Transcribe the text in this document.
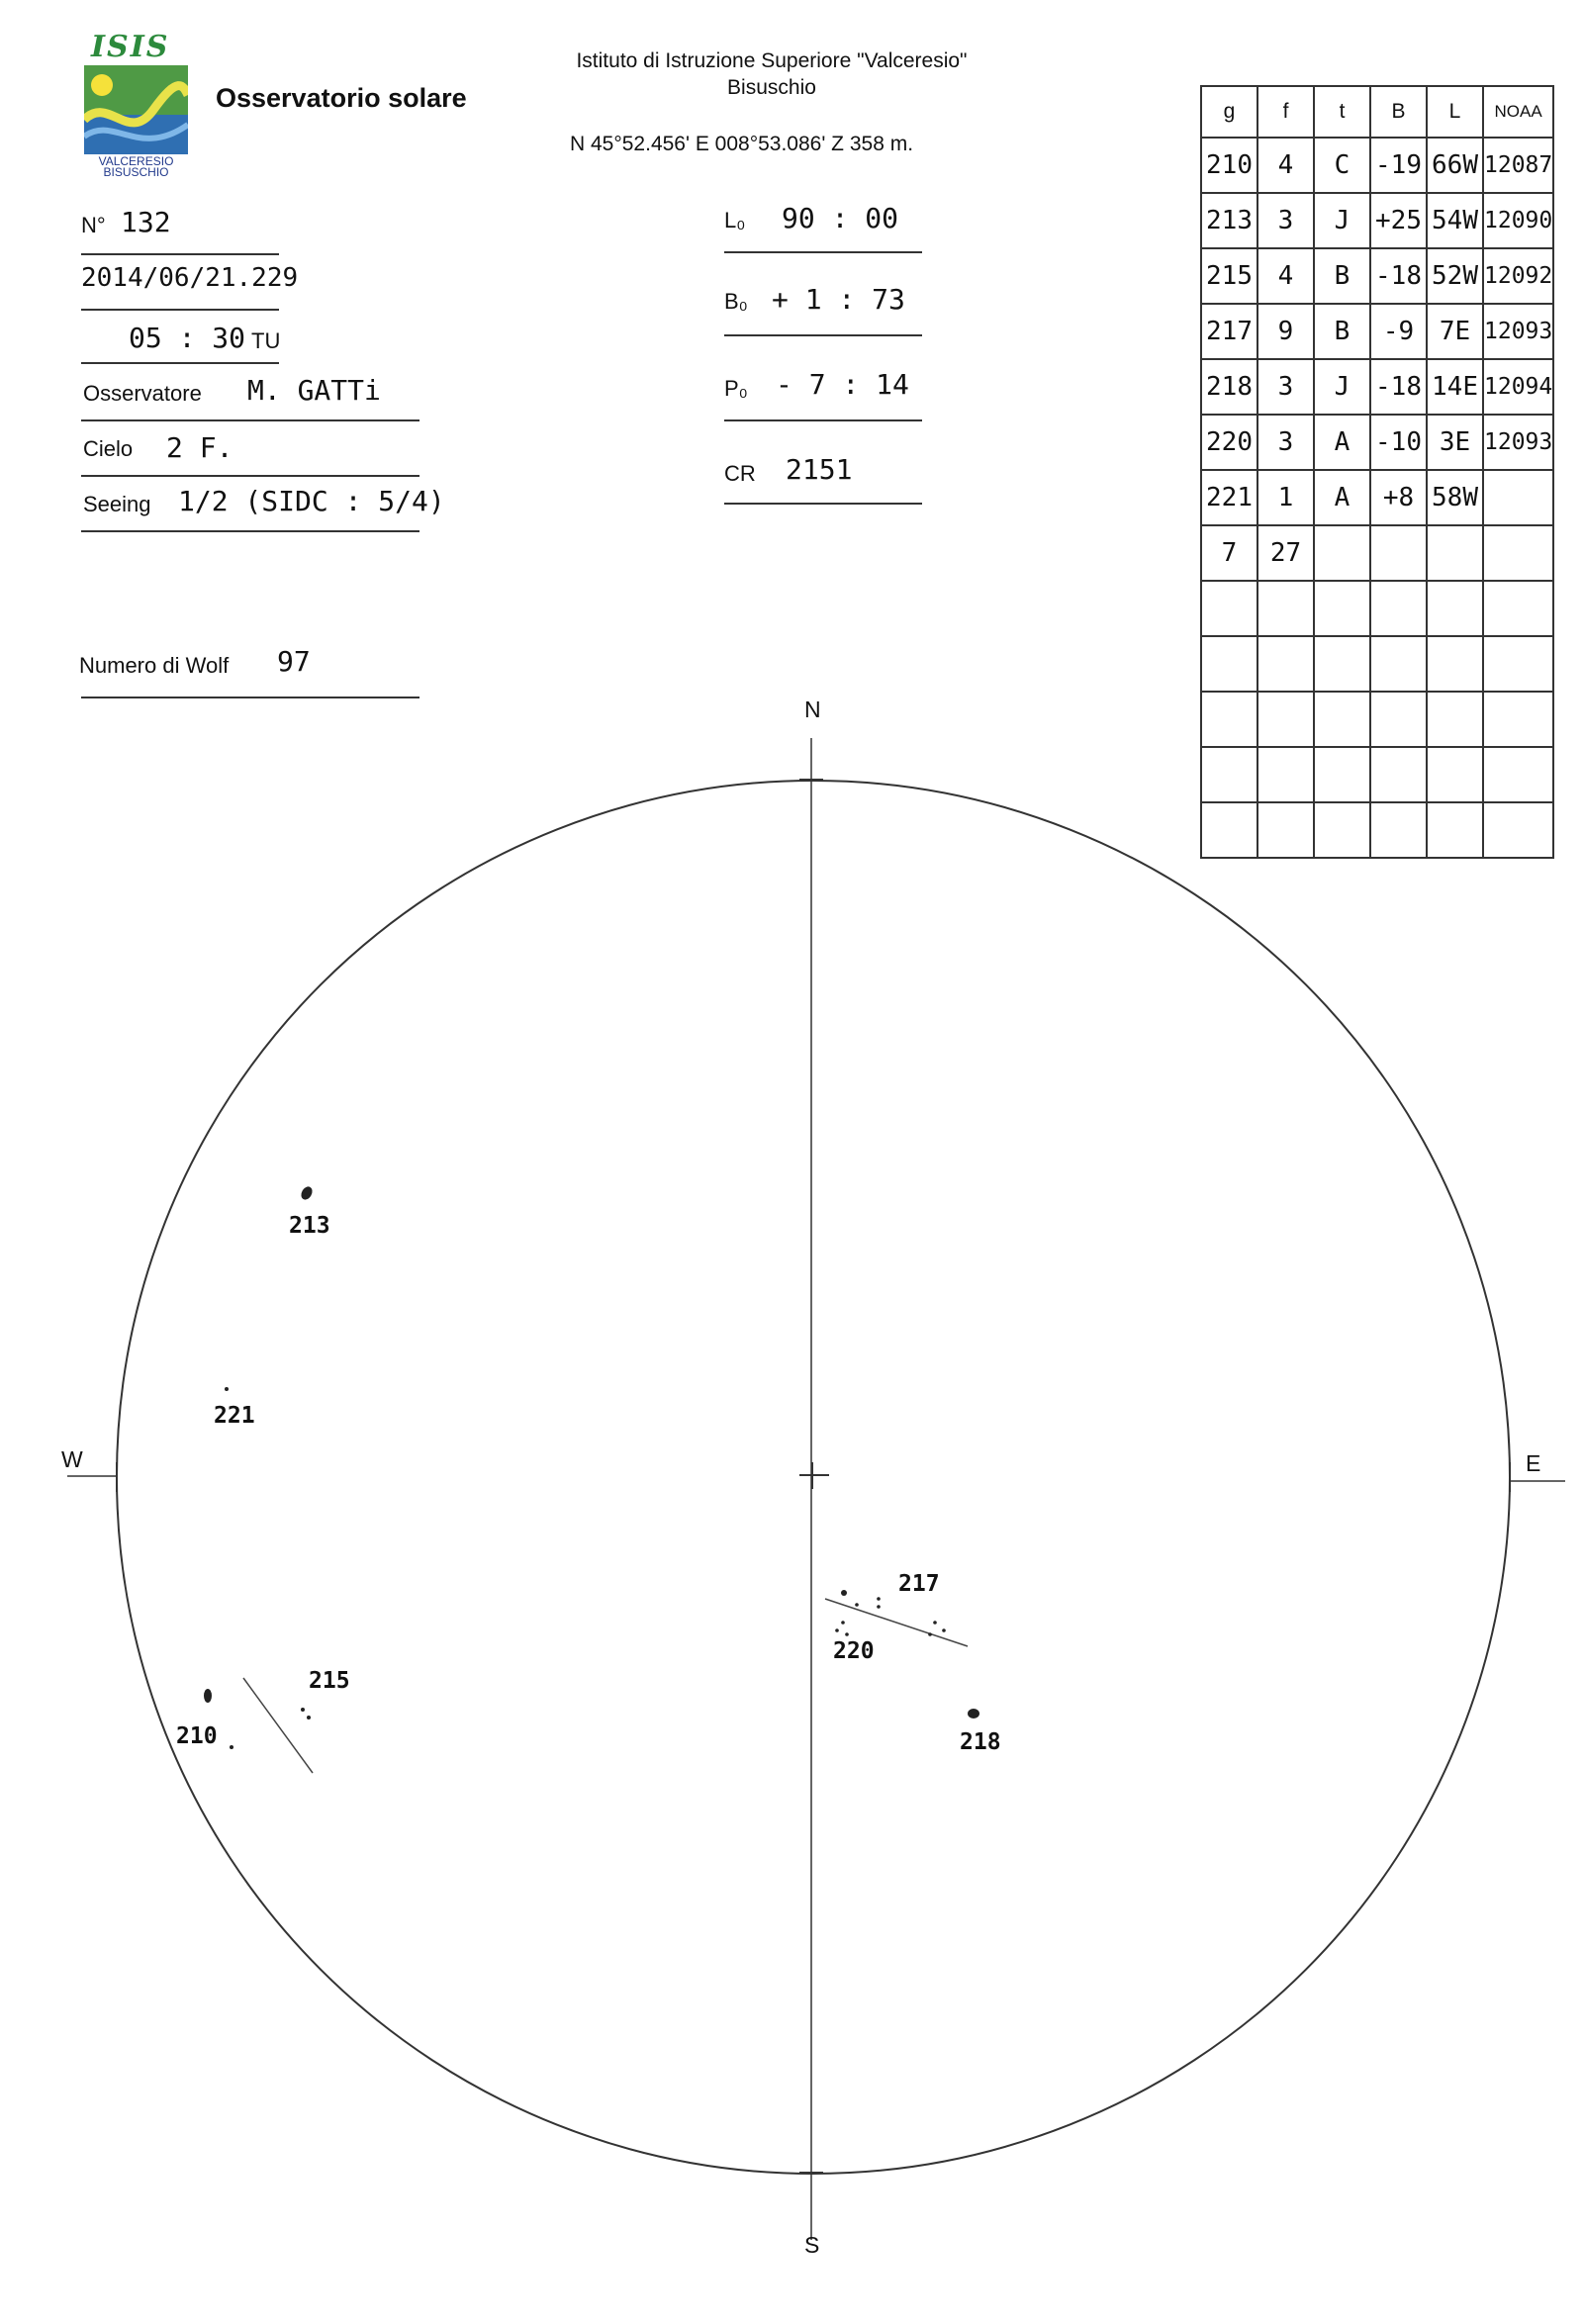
ISIS
VALCERESIO
BISUSCHIO
Osservatorio solare
Istituto di Istruzione Superiore "Valceresio"
Bisuschio
N 45°52.456' E 008°53.086' Z 358 m.
N° 132
2014/06/21.229
05 : 30 TU
Osservatore M. GATTi
Cielo 2 F.
Seeing 1/2 (SIDC : 5/4)
Numero di Wolf 97
L₀ 90 : 00
B₀ + 1 : 73
P₀ - 7 : 14
CR 2151
g	f	t	B	L	NOAA
210	4	C	-19	66W	12087
213	3	J	+25	54W	12090
215	4	B	-18	52W	12092
217	9	B	-9	7E	12093
218	3	J	-18	14E	12094
220	3	A	-10	3E	12093
221	1	A	+8	58W	
7	27				

N
S
W	E
213
221
215
210
217
220
218
